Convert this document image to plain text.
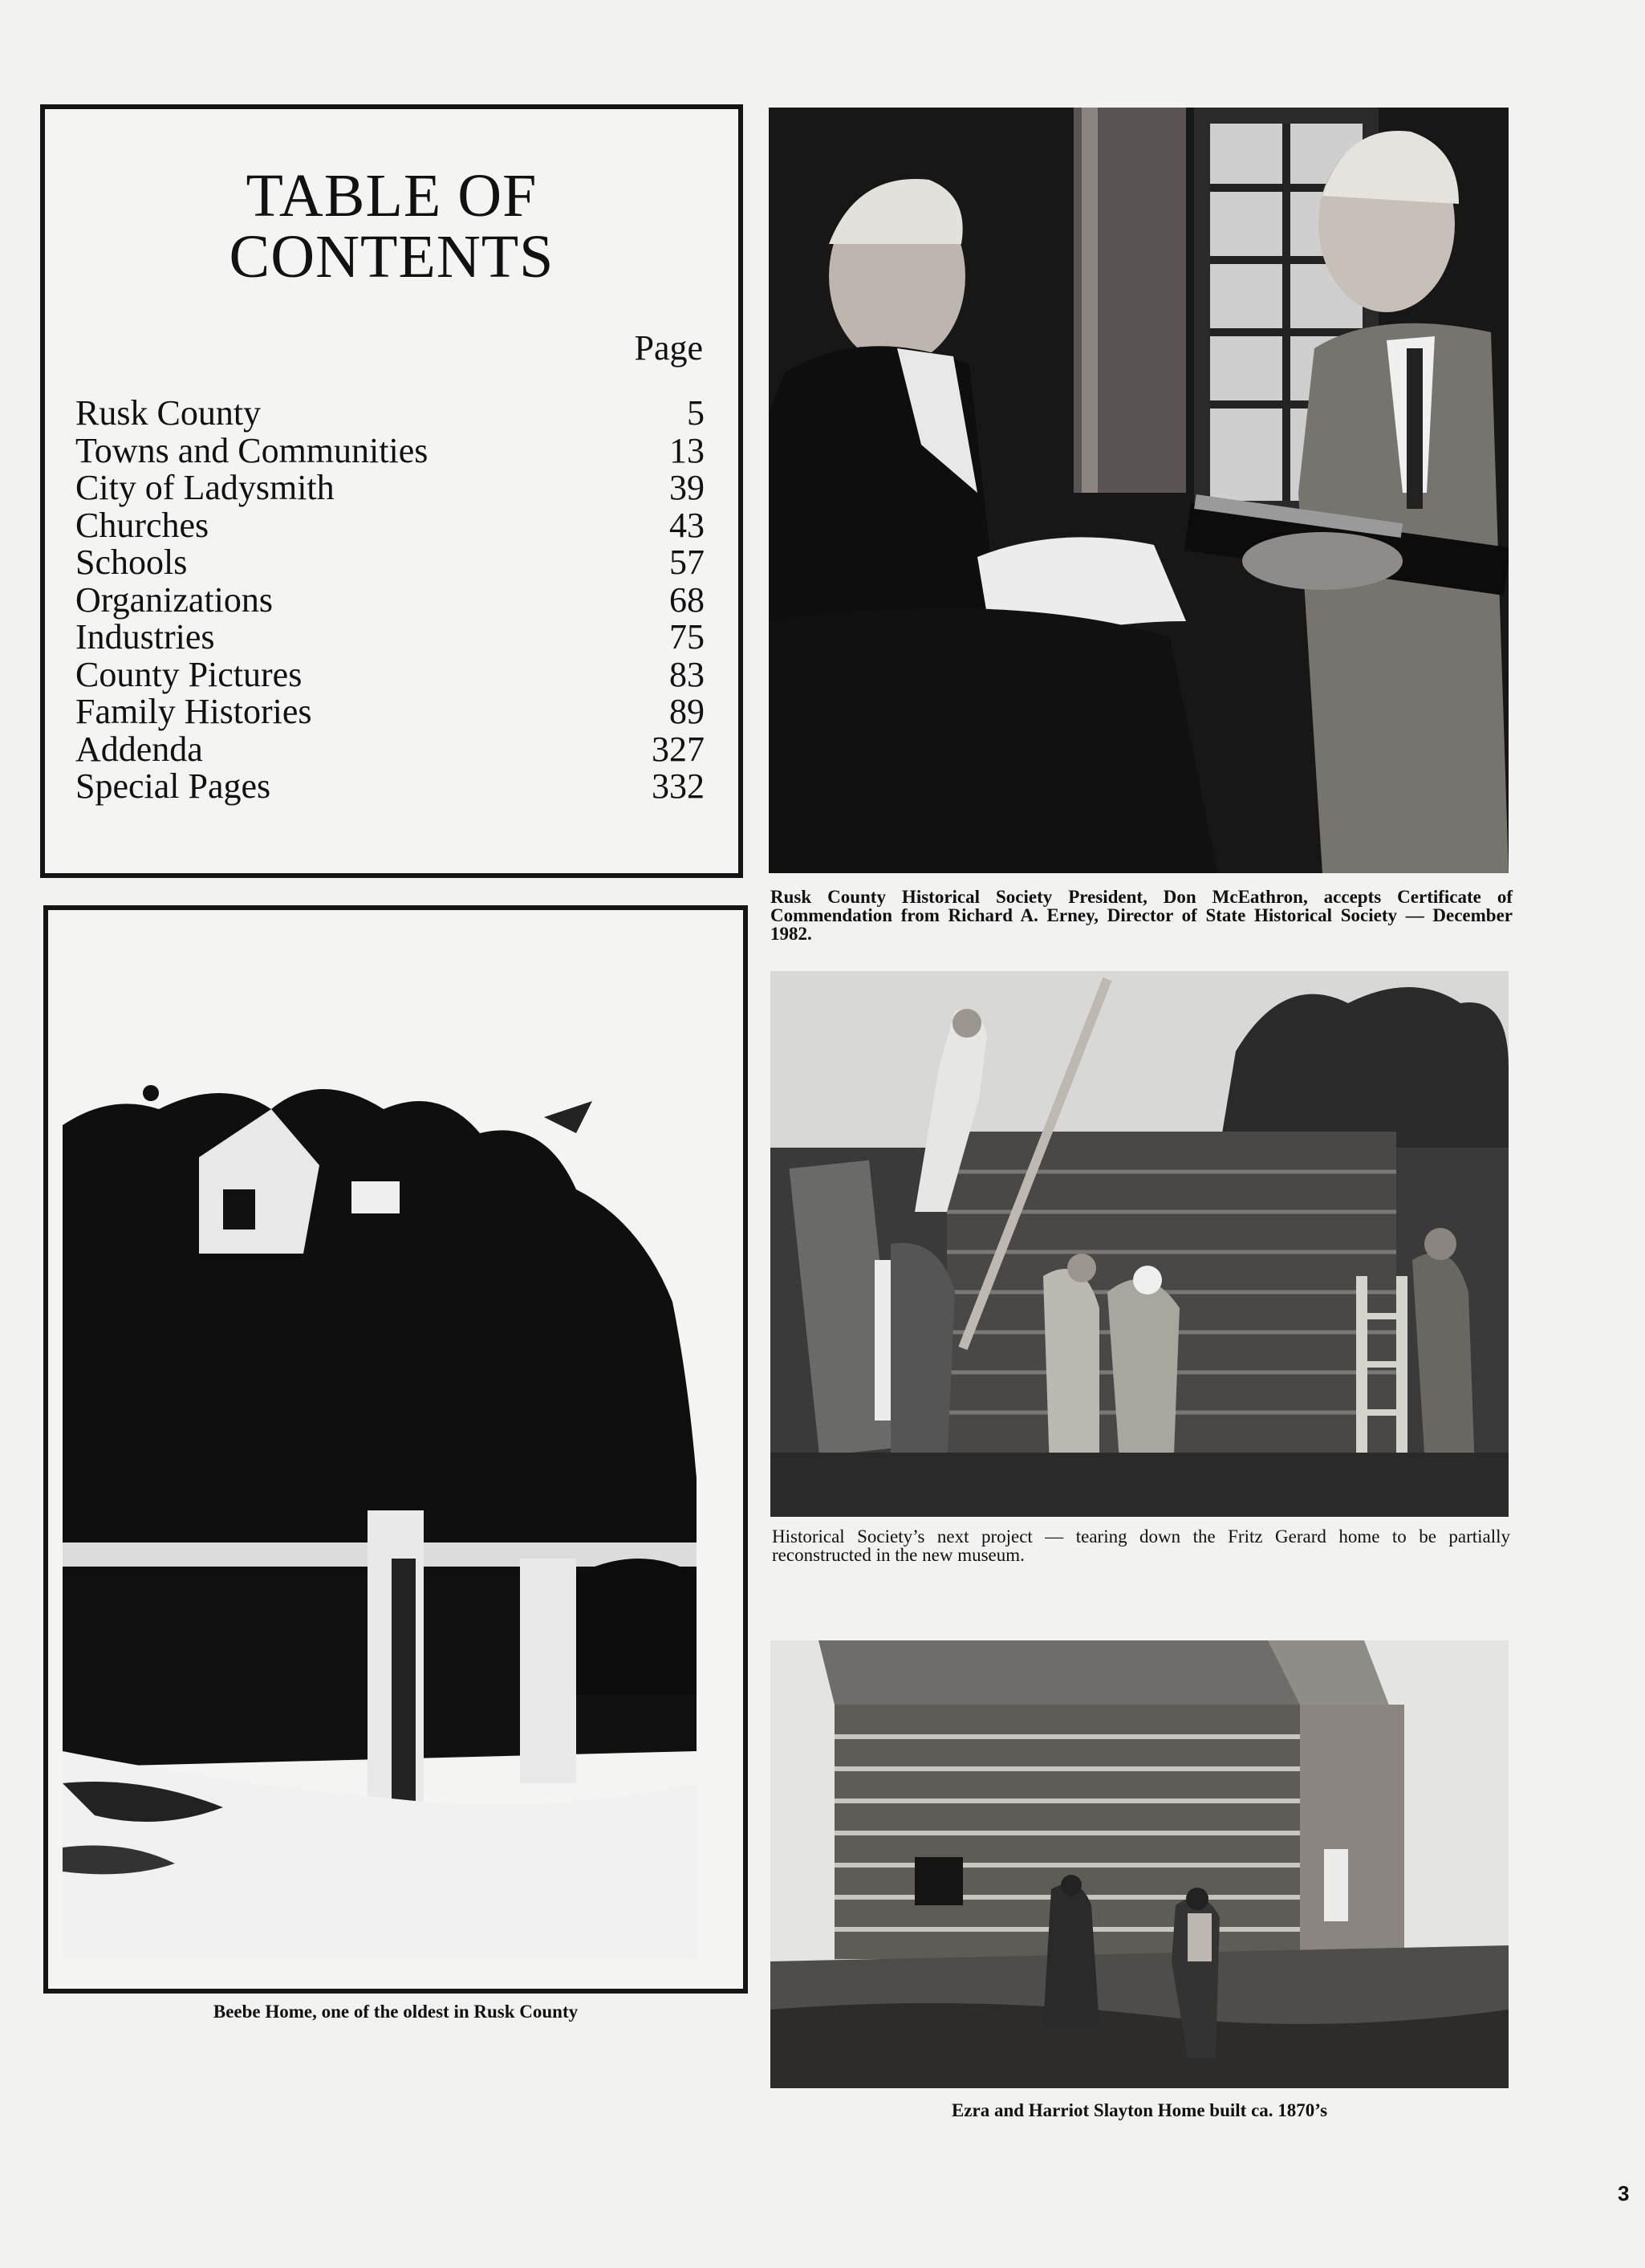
TABLE OF
CONTENTS
Page
Rusk County	5
Towns and Communities	13
City of Ladysmith	39
Churches	43
Schools	57
Organizations	68
Industries	75
County Pictures	83
Family Histories	89
Addenda	327
Special Pages	332
Rusk County Historical Society President, Don McEathron, accepts Certificate of Commendation from Richard A. Erney, Director of State Historical Society — December 1982.
Beebe Home, one of the oldest in Rusk County
Historical Society’s next project — tearing down the Fritz Gerard home to be partially reconstructed in the new museum.
Ezra and Harriot Slayton Home built ca. 1870’s
3
